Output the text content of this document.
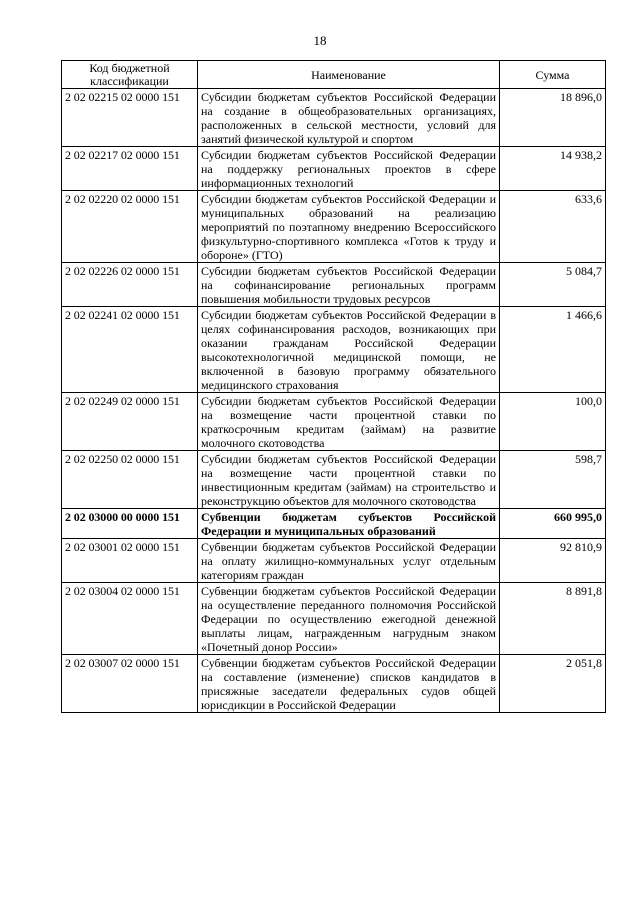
18
Код бюджетной классификации	Наименование	Сумма
2 02 02215 02 0000 151	Субсидии бюджетам субъектов Российской Федерации на создание в общеобразовательных организациях, расположенных в сельской местности, условий для занятий физической культурой и спортом	18 896,0
2 02 02217 02 0000 151	Субсидии бюджетам субъектов Российской Федерации на поддержку региональных проектов в сфере информационных технологий	14 938,2
2 02 02220 02 0000 151	Субсидии бюджетам субъектов Российской Федерации и муниципальных образований на реализацию мероприятий по поэтапному внедрению Всероссийского физкультурно-спортивного комплекса «Готов к труду и обороне» (ГТО)	633,6
2 02 02226 02 0000 151	Субсидии бюджетам субъектов Российской Федерации на софинансирование региональных программ повышения мобильности трудовых ресурсов	5 084,7
2 02 02241 02 0000 151	Субсидии бюджетам субъектов Российской Федерации в целях софинансирования расходов, возникающих при оказании гражданам Российской Федерации высокотехнологичной медицинской помощи, не включенной в базовую программу обязательного медицинского страхования	1 466,6
2 02 02249 02 0000 151	Субсидии бюджетам субъектов Российской Федерации на возмещение части процентной ставки по краткосрочным кредитам (займам) на развитие молочного скотоводства	100,0
2 02 02250 02 0000 151	Субсидии бюджетам субъектов Российской Федерации на возмещение части процентной ставки по инвестиционным кредитам (займам) на строительство и реконструкцию объектов для молочного скотоводства	598,7
2 02 03000 00 0000 151	Субвенции бюджетам субъектов Российской Федерации и муниципальных образований	660 995,0
2 02 03001 02 0000 151	Субвенции бюджетам субъектов Российской Федерации на оплату жилищно-коммунальных услуг отдельным категориям граждан	92 810,9
2 02 03004 02 0000 151	Субвенции бюджетам субъектов Российской Федерации на осуществление переданного полномочия Российской Федерации по осуществлению ежегодной денежной выплаты лицам, награжденным нагрудным знаком «Почетный донор России»	8 891,8
2 02 03007 02 0000 151	Субвенции бюджетам субъектов Российской Федерации на составление (изменение) списков кандидатов в присяжные заседатели федеральных судов общей юрисдикции в Российской Федерации	2 051,8
